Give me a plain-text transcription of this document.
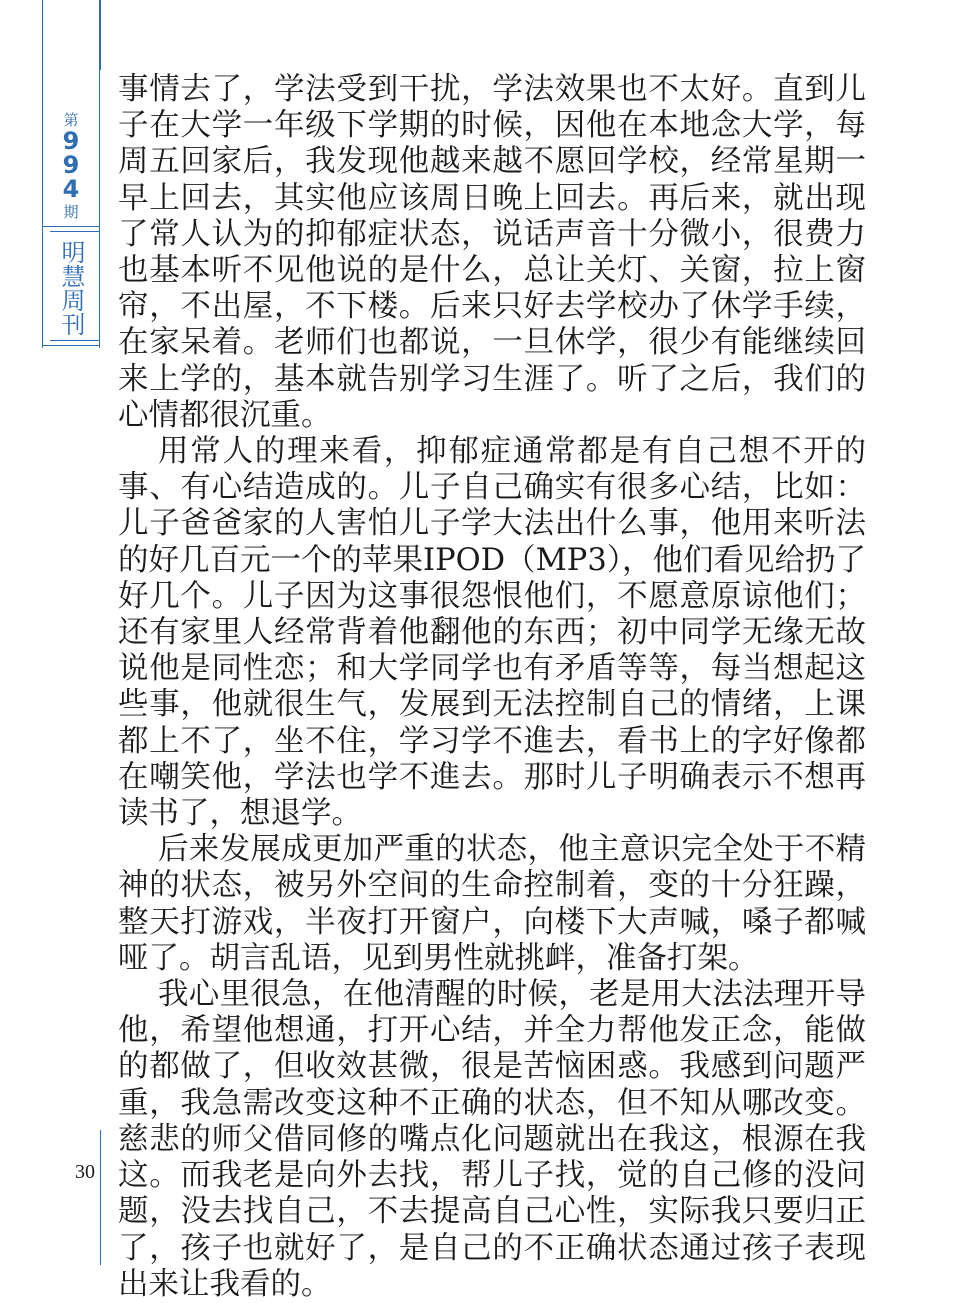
第
9
9
4
期
明慧周刊

事情去了，学法受到干扰，学法效果也不太好。直到儿子在大学一年级下学期的时候，因他在本地念大学，每周五回家后，我发现他越来越不愿回学校，经常星期一早上回去，其实他应该周日晚上回去。再后来，就出现了常人认为的抑郁症状态，说话声音十分微小，很费力也基本听不见他说的是什么，总让关灯、关窗，拉上窗帘，不出屋，不下楼。后来只好去学校办了休学手续，在家呆着。老师们也都说，一旦休学，很少有能继续回来上学的，基本就告别学习生涯了。听了之后，我们的心情都很沉重。

用常人的理来看，抑郁症通常都是有自己想不开的事、有心结造成的。儿子自己确实有很多心结，比如：儿子爸爸家的人害怕儿子学大法出什么事，他用来听法的好几百元一个的苹果IPOD（MP3），他们看见给扔了好几个。儿子因为这事很怨恨他们，不愿意原谅他们；还有家里人经常背着他翻他的东西；初中同学无缘无故说他是同性恋；和大学同学也有矛盾等等，每当想起这些事，他就很生气，发展到无法控制自己的情绪，上课都上不了，坐不住，学习学不進去，看书上的字好像都在嘲笑他，学法也学不進去。那时儿子明确表示不想再读书了，想退学。

后来发展成更加严重的状态，他主意识完全处于不精神的状态，被另外空间的生命控制着，变的十分狂躁，整天打游戏，半夜打开窗户，向楼下大声喊，嗓子都喊哑了。胡言乱语，见到男性就挑衅，准备打架。

我心里很急，在他清醒的时候，老是用大法法理开导他，希望他想通，打开心结，并全力帮他发正念，能做的都做了，但收效甚微，很是苦恼困惑。我感到问题严重，我急需改变这种不正确的状态，但不知从哪改变。慈悲的师父借同修的嘴点化问题就出在我这，根源在我这。而我老是向外去找，帮儿子找，觉的自己修的没问题，没去找自己，不去提高自己心性，实际我只要归正了，孩子也就好了，是自己的不正确状态通过孩子表现出来让我看的。

30
